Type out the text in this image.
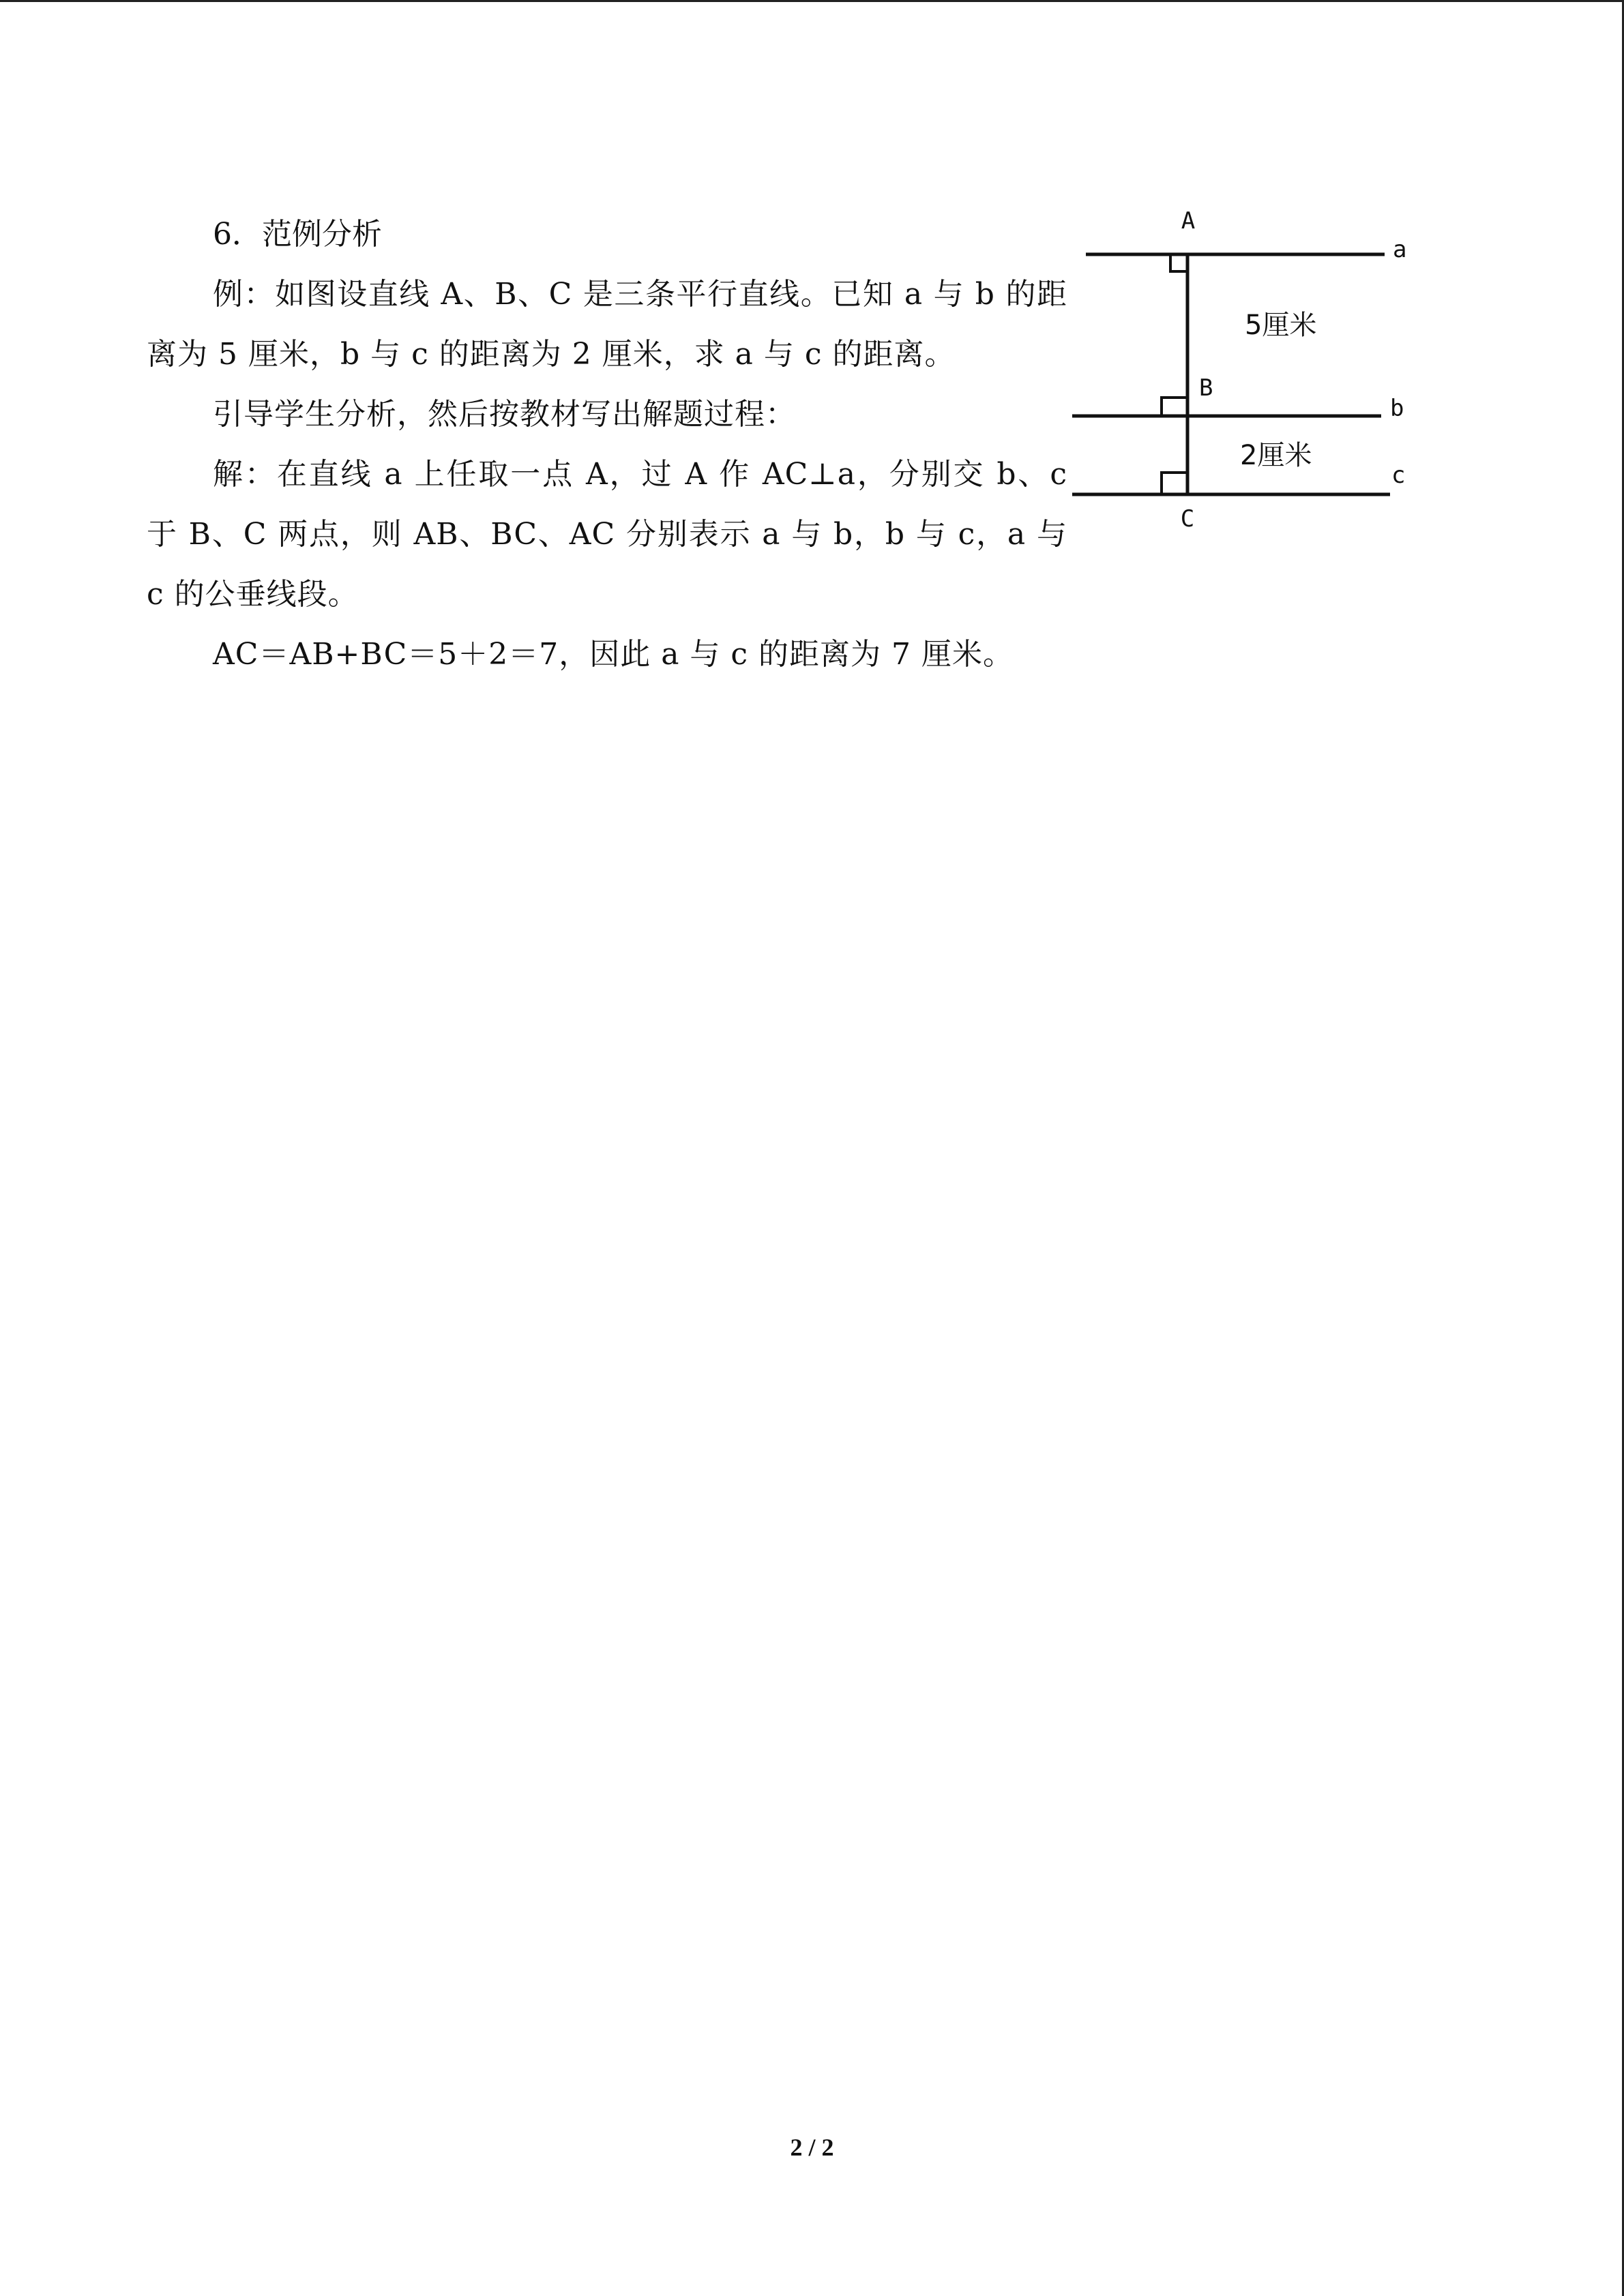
6．范例分析

例：如图设直线 A、B、C 是三条平行直线。已知 a 与 b 的距离为 5 厘米，b 与 c 的距离为 2 厘米，求 a 与 c 的距离。

引导学生分析，然后按教材写出解题过程：

解：在直线 a 上任取一点 A，过 A 作 AC⊥a，分别交 b、c 于 B、C 两点，则 AB、BC、AC 分别表示 a 与 b，b 与 c，a 与 c 的公垂线段。

AC＝AB+BC＝5＋2＝7，因此 a 与 c 的距离为 7 厘米。

A
B
C
a
b
c
5厘米
2厘米
2 / 2
